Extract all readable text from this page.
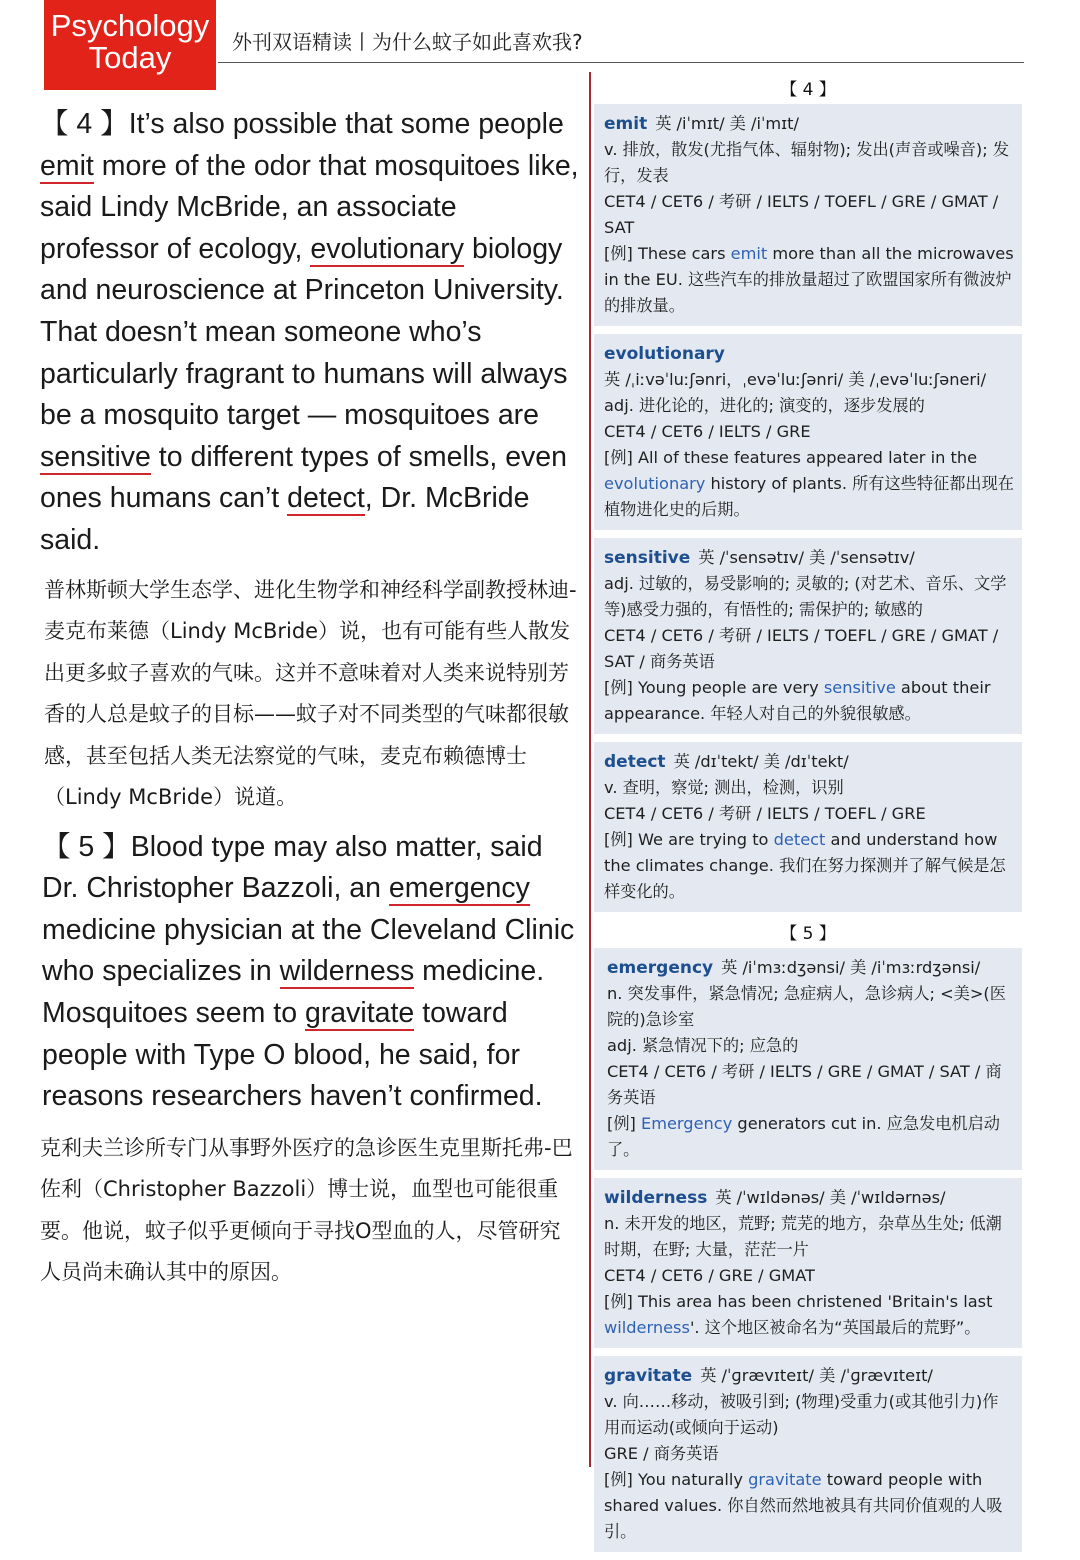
Psychology
Today	外刊双语精读丨为什么蚊子如此喜欢我?

【 4 】It’s also possible that some people emit more of the odor that mosquitoes like, said Lindy McBride, an associate professor of ecology, evolutionary biology and neuroscience at Princeton University. That doesn’t mean someone who’s particularly fragrant to humans will always be a mosquito target — mosquitoes are sensitive to different types of smells, even ones humans can’t detect, Dr. McBride said.

普林斯顿大学生态学、进化生物学和神经科学副教授林迪-麦克布莱德（Lindy McBride）说，也有可能有些人散发出更多蚊子喜欢的气味。这并不意味着对人类来说特别芳香的人总是蚊子的目标——蚊子对不同类型的气味都很敏感，甚至包括人类无法察觉的气味，麦克布赖德博士（Lindy McBride）说道。

【 5 】Blood type may also matter, said Dr. Christopher Bazzoli, an emergency medicine physician at the Cleveland Clinic who specializes in wilderness medicine. Mosquitoes seem to gravitate toward people with Type O blood, he said, for reasons researchers haven’t confirmed.

克利夫兰诊所专门从事野外医疗的急诊医生克里斯托弗-巴佐利（Christopher Bazzoli）博士说，血型也可能很重要。他说，蚊子似乎更倾向于寻找O型血的人，尽管研究人员尚未确认其中的原因。

【 4 】
emit 英 /iˈmɪt/ 美 /iˈmɪt/
v. 排放，散发(尤指气体、辐射物); 发出(声音或噪音); 发行，发表
CET4 / CET6 / 考研 / IELTS / TOEFL / GRE / GMAT / SAT
[例] These cars emit more than all the microwaves in the EU. 这些汽车的排放量超过了欧盟国家所有微波炉的排放量。
evolutionary
英 /ˌiːvəˈluːʃənri，ˌevəˈluːʃənri/ 美 /ˌevəˈluːʃəneri/
adj. 进化论的，进化的; 演变的，逐步发展的
CET4 / CET6 / IELTS / GRE
[例] All of these features appeared later in the evolutionary history of plants. 所有这些特征都出现在植物进化史的后期。
sensitive 英 /ˈsensətɪv/ 美 /ˈsensətɪv/
adj. 过敏的，易受影响的; 灵敏的; (对艺术、音乐、文学等)感受力强的，有悟性的; 需保护的; 敏感的
CET4 / CET6 / 考研 / IELTS / TOEFL / GRE / GMAT / SAT / 商务英语
[例] Young people are very sensitive about their appearance. 年轻人对自己的外貌很敏感。
detect 英 /dɪˈtekt/ 美 /dɪˈtekt/
v. 查明，察觉; 测出，检测，识别
CET4 / CET6 / 考研 / IELTS / TOEFL / GRE
[例] We are trying to detect and understand how the climates change. 我们在努力探测并了解气候是怎样变化的。
【 5 】
emergency 英 /iˈmɜːdʒənsi/ 美 /iˈmɜːrdʒənsi/
n. 突发事件，紧急情况; 急症病人，急诊病人; <美>(医院的)急诊室
adj. 紧急情况下的; 应急的
CET4 / CET6 / 考研 / IELTS / GRE / GMAT / SAT / 商务英语
[例] Emergency generators cut in. 应急发电机启动了。
wilderness 英 /ˈwɪldənəs/ 美 /ˈwɪldərnəs/
n. 未开发的地区，荒野; 荒芜的地方，杂草丛生处; 低潮时期，在野; 大量，茫茫一片
CET4 / CET6 / GRE / GMAT
[例] This area has been christened 'Britain's last wilderness'. 这个地区被命名为“英国最后的荒野”。
gravitate 英 /ˈɡrævɪteɪt/ 美 /ˈɡrævɪteɪt/
v. 向……移动，被吸引到; (物理)受重力(或其他引力)作用而运动(或倾向于运动)
GRE / 商务英语
[例] You naturally gravitate toward people with shared values. 你自然而然地被具有共同价值观的人吸引。
